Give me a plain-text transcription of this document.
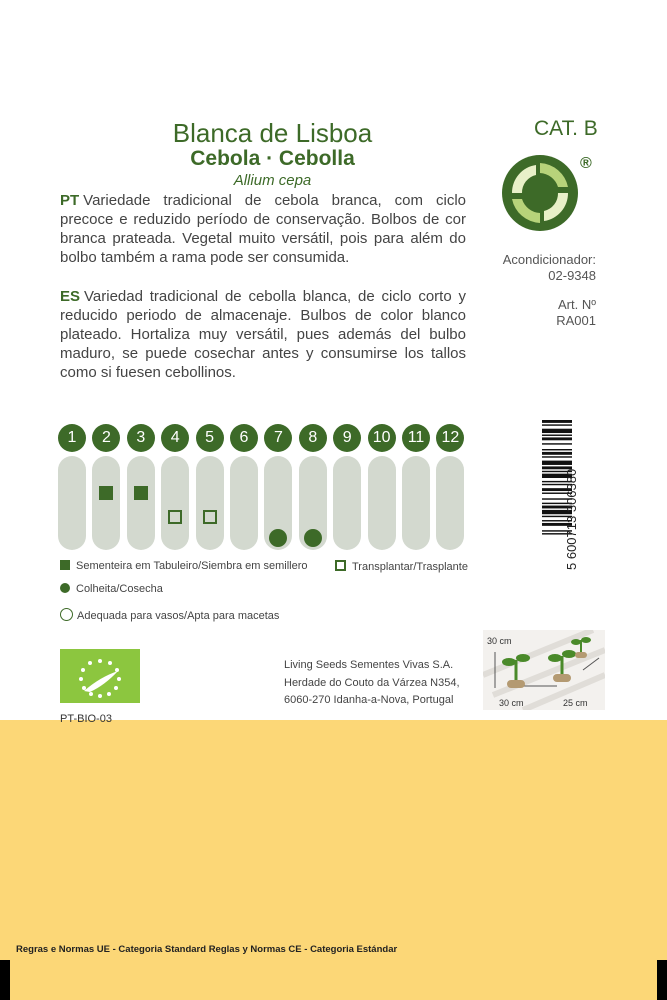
Blanca de Lisboa
Cebola · Cebolla
Allium cepa

PT Variedade tradicional de cebola branca, com ciclo precoce e reduzido período de conservação. Bolbos de cor branca prateada. Vegetal muito versátil, pois para além do bolbo também a rama pode ser consumida.

ES Variedad tradicional de cebolla blanca, de ciclo corto y reducido periodo de almacenaje. Bulbos de color blanco plateado. Hortaliza muy versátil, pues además del bulbo maduro, se puede cosechar antes y consumirse los tallos como si fuesen cebollinos.

CAT. B
®
Acondicionador:
02-9348
Art. Nº
RA001
1	2	3	4	5	6	7	8	9	10	11	12
Sementeira em Tabuleiro/Siembra em semillero	Transplantar/Trasplante
Colheita/Cosecha
Adequada para vasos/Apta para macetas
5 600713 306380
PT-BIO-03
Living Seeds Sementes Vivas S.A.
Herdade do Couto da Várzea N354,
6060-270 Idanha-a-Nova, Portugal
30 cm
30 cm	25 cm
Regras e Normas UE - Categoria Standard Reglas y Normas CE - Categoria Estándar
